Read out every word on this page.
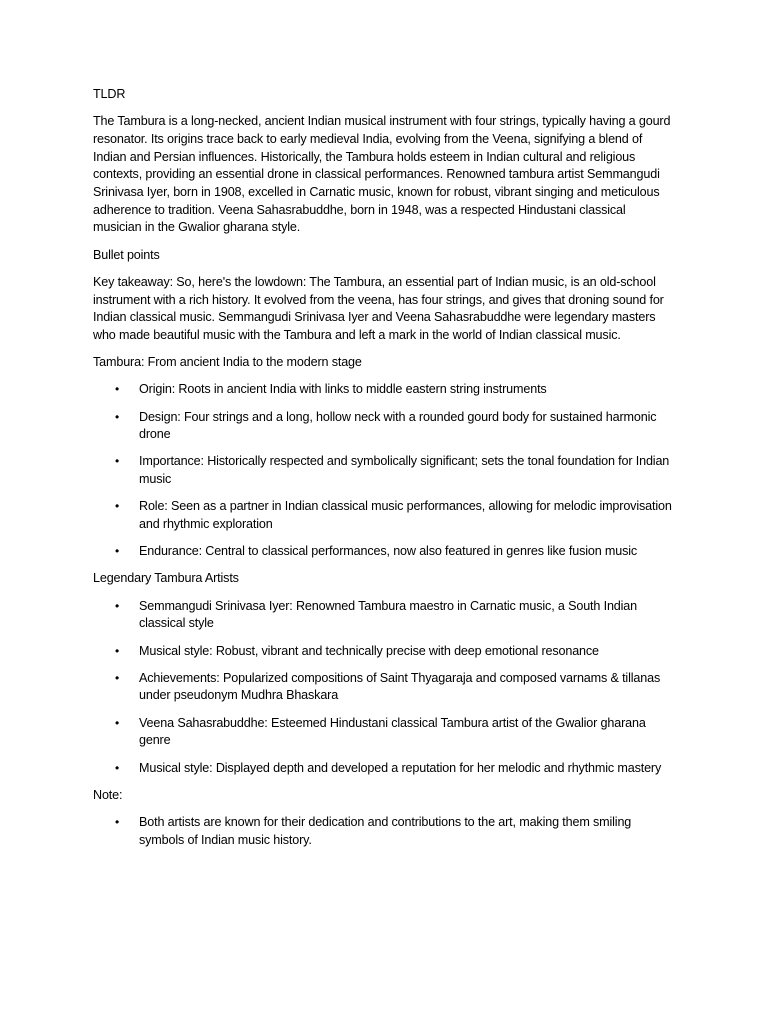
TLDR
The Tambura is a long-necked, ancient Indian musical instrument with four strings, typically having a gourd resonator. Its origins trace back to early medieval India, evolving from the Veena, signifying a blend of Indian and Persian influences. Historically, the Tambura holds esteem in Indian cultural and religious contexts, providing an essential drone in classical performances. Renowned tambura artist Semmangudi Srinivasa Iyer, born in 1908, excelled in Carnatic music, known for robust, vibrant singing and meticulous adherence to tradition. Veena Sahasrabuddhe, born in 1948, was a respected Hindustani classical musician in the Gwalior gharana style.
Bullet points
Key takeaway: So, here's the lowdown: The Tambura, an essential part of Indian music, is an old-school instrument with a rich history. It evolved from the veena, has four strings, and gives that droning sound for Indian classical music. Semmangudi Srinivasa Iyer and Veena Sahasrabuddhe were legendary masters who made beautiful music with the Tambura and left a mark in the world of Indian classical music.
Tambura: From ancient India to the modern stage
• Origin: Roots in ancient India with links to middle eastern string instruments
• Design: Four strings and a long, hollow neck with a rounded gourd body for sustained harmonic drone
• Importance: Historically respected and symbolically significant; sets the tonal foundation for Indian music
• Role: Seen as a partner in Indian classical music performances, allowing for melodic improvisation and rhythmic exploration
• Endurance: Central to classical performances, now also featured in genres like fusion music
Legendary Tambura Artists
• Semmangudi Srinivasa Iyer: Renowned Tambura maestro in Carnatic music, a South Indian classical style
• Musical style: Robust, vibrant and technically precise with deep emotional resonance
• Achievements: Popularized compositions of Saint Thyagaraja and composed varnams & tillanas under pseudonym Mudhra Bhaskara
• Veena Sahasrabuddhe: Esteemed Hindustani classical Tambura artist of the Gwalior gharana genre
• Musical style: Displayed depth and developed a reputation for her melodic and rhythmic mastery
Note:
• Both artists are known for their dedication and contributions to the art, making them smiling symbols of Indian music history.
